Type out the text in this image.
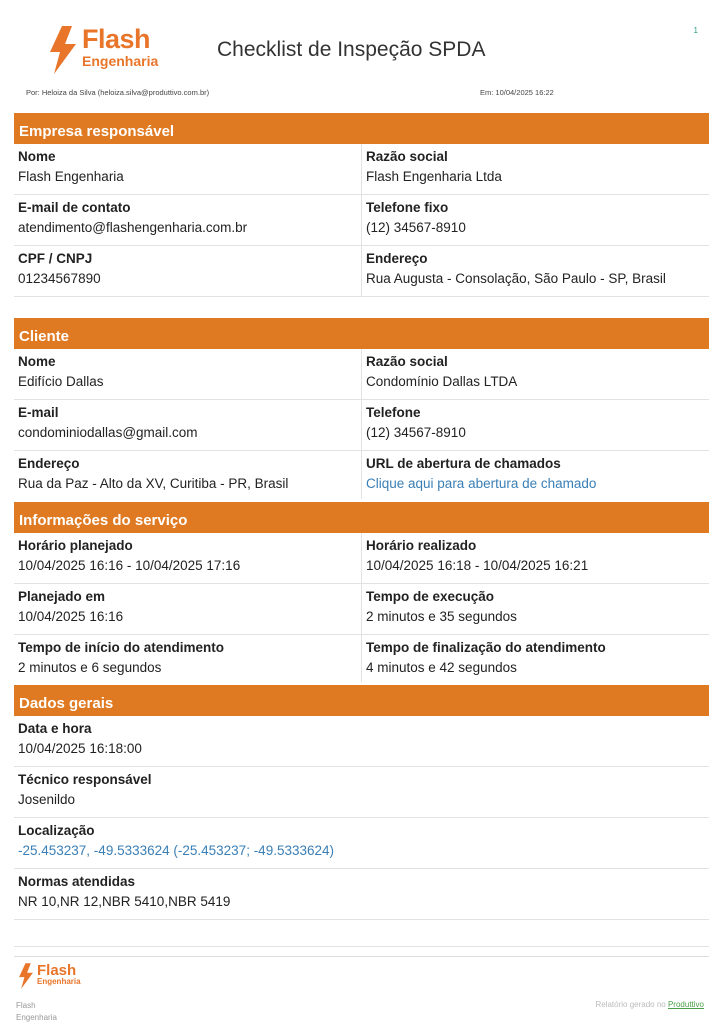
1
Flash
Engenharia	Checklist de Inspeção SPDA
Por: Heloiza da Silva (heloiza.silva@produttivo.com.br)	Em: 10/04/2025 16:22
Empresa responsável
Nome
Flash Engenharia
Razão social
Flash Engenharia Ltda
E-mail de contato
atendimento@flashengenharia.com.br
Telefone fixo
(12) 34567-8910
CPF / CNPJ
01234567890
Endereço
Rua Augusta - Consolação, São Paulo - SP, Brasil
Cliente
Nome
Edifício Dallas
Razão social
Condomínio Dallas LTDA
E-mail
condominiodallas@gmail.com
Telefone
(12) 34567-8910
Endereço
Rua da Paz - Alto da XV, Curitiba - PR, Brasil
URL de abertura de chamados
Clique aqui para abertura de chamado
Informações do serviço
Horário planejado
10/04/2025 16:16 - 10/04/2025 17:16
Horário realizado
10/04/2025 16:18 - 10/04/2025 16:21
Planejado em
10/04/2025 16:16
Tempo de execução
2 minutos e 35 segundos
Tempo de início do atendimento
2 minutos e 6 segundos
Tempo de finalização do atendimento
4 minutos e 42 segundos
Dados gerais
Data e hora
10/04/2025 16:18:00
Técnico responsável
Josenildo
Localização
-25.453237, -49.5333624 (-25.453237; -49.5333624)
Normas atendidas
NR 10,NR 12,NBR 5410,NBR 5419
Flash
Engenharia
Flash
Engenharia
Relatório gerado no Produttivo
